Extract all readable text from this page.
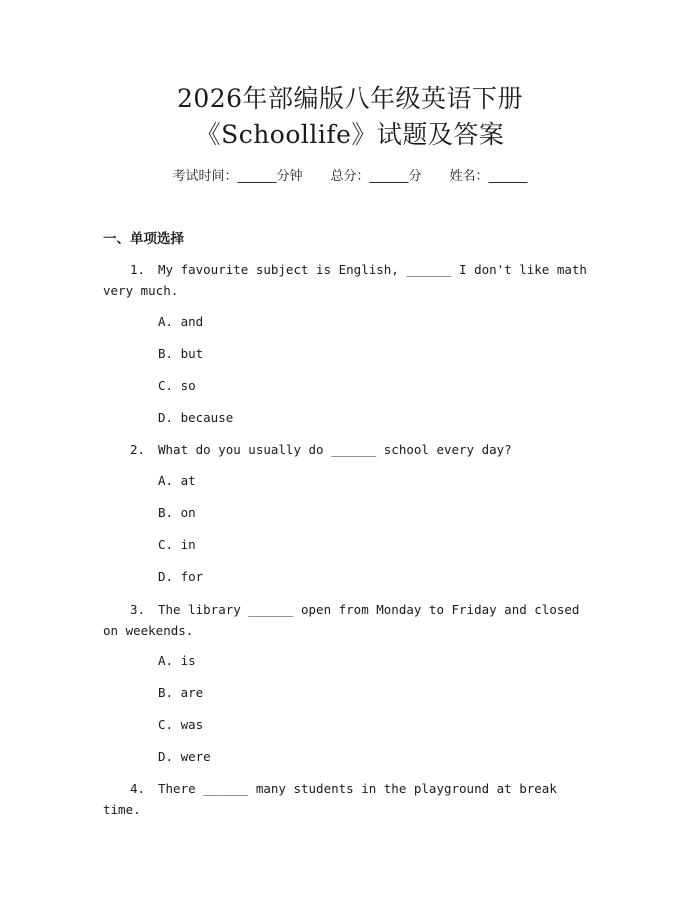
2026年部编版八年级英语下册
《Schoollife》试题及答案
考试时间：______分钟 总分：______分 姓名：______
一、单项选择
1. My favourite subject is English, ______ I don't like math very much.
A. and
B. but
C. so
D. because
2. What do you usually do ______ school every day?
A. at
B. on
C. in
D. for
3. The library ______ open from Monday to Friday and closed on weekends.
A. is
B. are
C. was
D. were
4. There ______ many students in the playground at break time.
